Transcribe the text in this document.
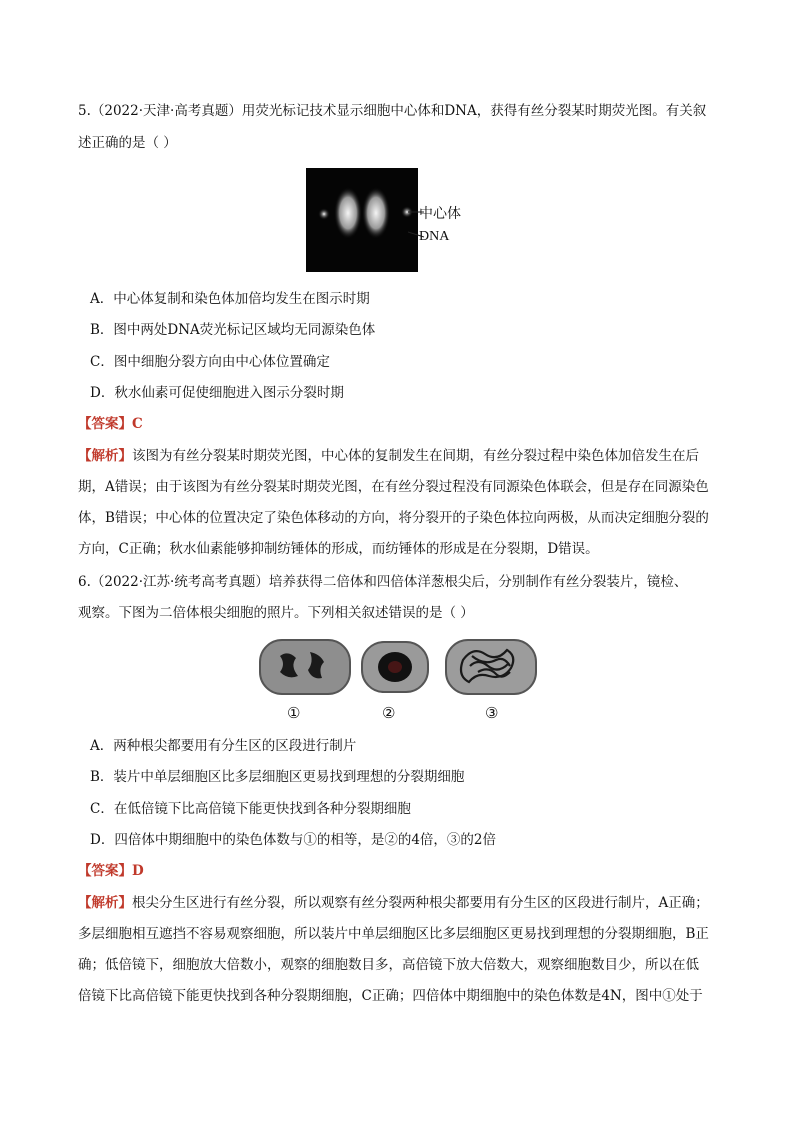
5.（2022·天津·高考真题）用荧光标记技术显示细胞中心体和DNA，获得有丝分裂某时期荧光图。有关叙
述正确的是（ ）
中心体
DNA
A．中心体复制和染色体加倍均发生在图示时期
B．图中两处DNA荧光标记区域均无同源染色体
C．图中细胞分裂方向由中心体位置确定
D．秋水仙素可促使细胞进入图示分裂时期
【答案】C
【解析】该图为有丝分裂某时期荧光图，中心体的复制发生在间期，有丝分裂过程中染色体加倍发生在后
期，A错误；由于该图为有丝分裂某时期荧光图，在有丝分裂过程没有同源染色体联会，但是存在同源染色
体，B错误；中心体的位置决定了染色体移动的方向，将分裂开的子染色体拉向两极，从而决定细胞分裂的
方向，C正确；秋水仙素能够抑制纺锤体的形成，而纺锤体的形成是在分裂期，D错误。
6.（2022·江苏·统考高考真题）培养获得二倍体和四倍体洋葱根尖后，分别制作有丝分裂装片，镜检、
观察。下图为二倍体根尖细胞的照片。下列相关叙述错误的是（ ）
①	②	③
A．两种根尖都要用有分生区的区段进行制片
B．装片中单层细胞区比多层细胞区更易找到理想的分裂期细胞
C．在低倍镜下比高倍镜下能更快找到各种分裂期细胞
D．四倍体中期细胞中的染色体数与①的相等，是②的4倍，③的2倍
【答案】D
【解析】根尖分生区进行有丝分裂，所以观察有丝分裂两种根尖都要用有分生区的区段进行制片，A正确；
多层细胞相互遮挡不容易观察细胞，所以装片中单层细胞区比多层细胞区更易找到理想的分裂期细胞，B正
确；低倍镜下，细胞放大倍数小，观察的细胞数目多，高倍镜下放大倍数大，观察细胞数目少，所以在低
倍镜下比高倍镜下能更快找到各种分裂期细胞，C正确；四倍体中期细胞中的染色体数是4N，图中①处于
